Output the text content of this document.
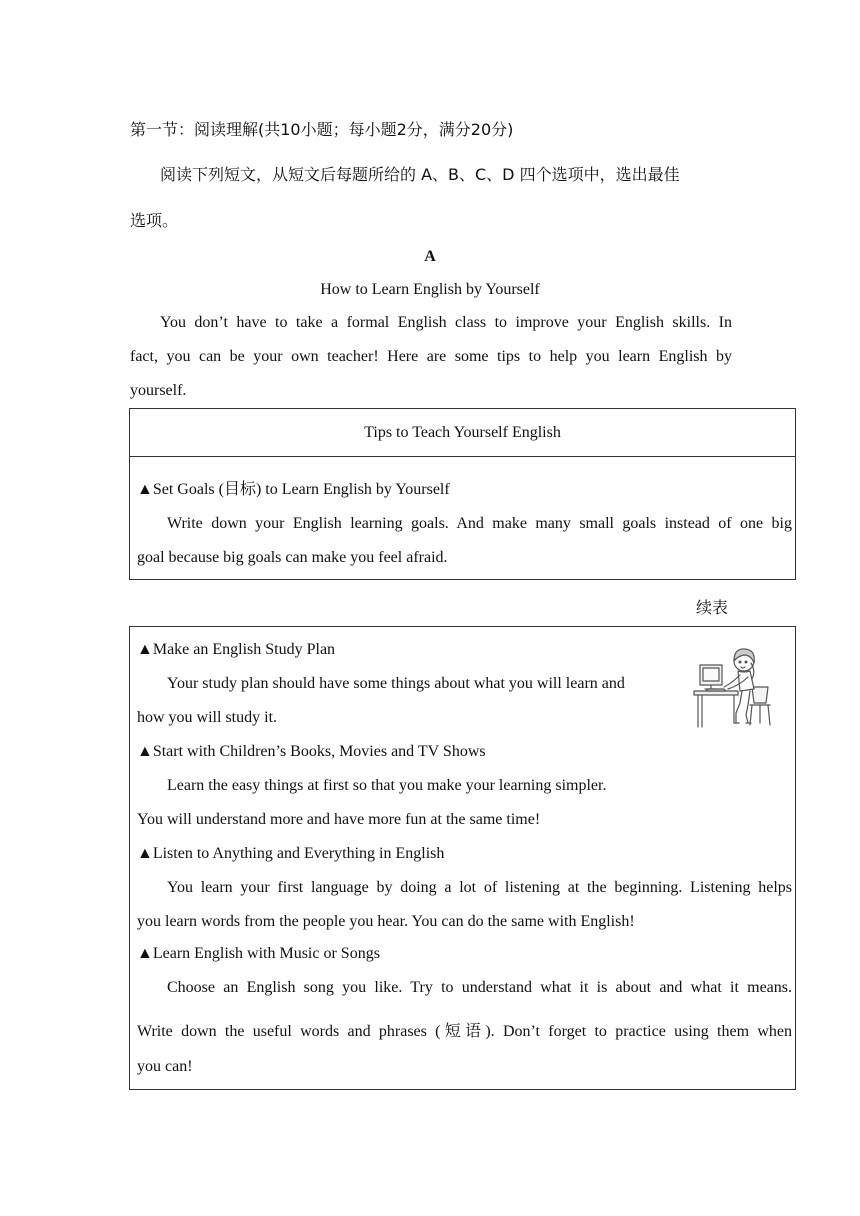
第一节：阅读理解(共10小题；每小题2分，满分20分)
阅读下列短文，从短文后每题所给的 A、B、C、D 四个选项中，选出最佳
选项。
A
How to Learn English by Yourself
You don’t have to take a formal English class to improve your English skills. In
fact, you can be your own teacher! Here are some tips to help you learn English by
yourself.
Tips to Teach Yourself English
▲Set Goals (目标) to Learn English by Yourself
Write down your English learning goals. And make many small goals instead of one big
goal because big goals can make you feel afraid.
续表
▲Make an English Study Plan
Your study plan should have some things about what you will learn and
how you will study it.
▲Start with Children’s Books, Movies and TV Shows
Learn the easy things at first so that you make your learning simpler.
You will understand more and have more fun at the same time!
▲Listen to Anything and Everything in English
You learn your first language by doing a lot of listening at the beginning. Listening helps
you learn words from the people you hear. You can do the same with English!
▲Learn English with Music or Songs
Choose an English song you like. Try to understand what it is about and what it means.
Write down the useful words and phrases (短语). Don’t forget to practice using them when
you can!
